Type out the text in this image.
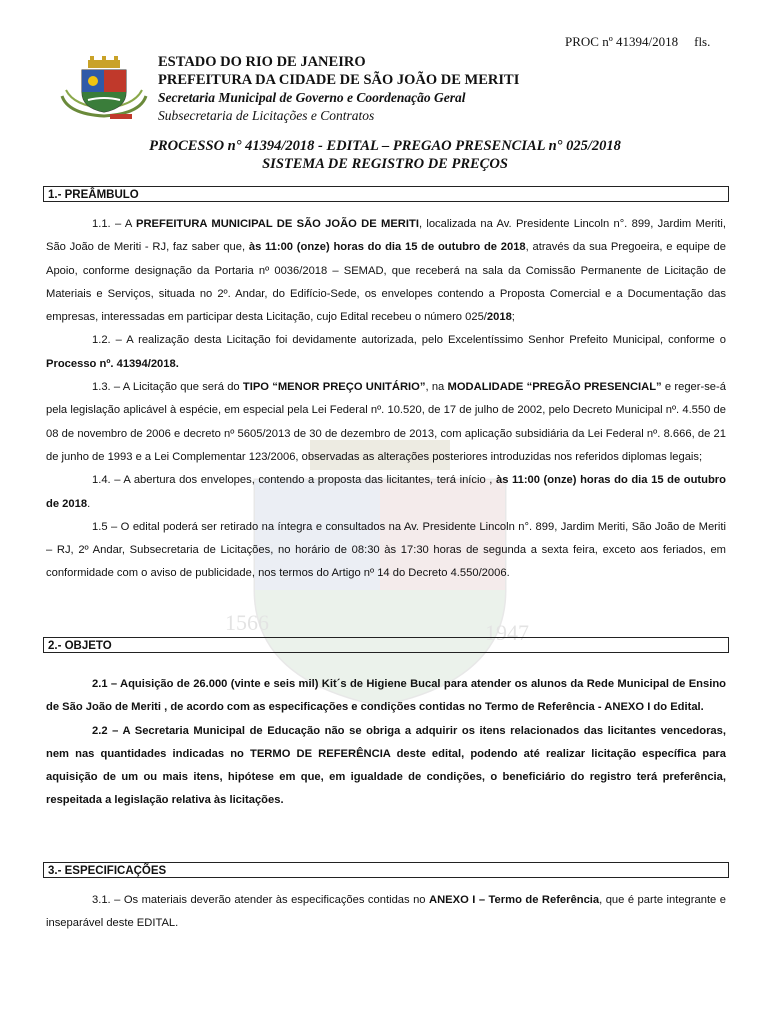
PROC nº 41394/2018 fls.
ESTADO DO RIO DE JANEIRO
PREFEITURA DA CIDADE DE SÃO JOÃO DE MERITI
Secretaria Municipal de Governo e Coordenação Geral
Subsecretaria de Licitações e Contratos
PROCESSO n° 41394/2018 - EDITAL – PREGAO PRESENCIAL n° 025/2018
SISTEMA DE REGISTRO DE PREÇOS
1566	1947
1.- PREÂMBULO

1.1. – A PREFEITURA MUNICIPAL DE SÃO JOÃO DE MERITI, localizada na Av. Presidente Lincoln n°. 899, Jardim Meriti, São João de Meriti - RJ, faz saber que, às 11:00 (onze) horas do dia 15 de outubro de 2018, através da sua Pregoeira, e equipe de Apoio, conforme designação da Portaria nº 0036/2018 – SEMAD, que receberá na sala da Comissão Permanente de Licitação de Materiais e Serviços, situada no 2º. Andar, do Edifício-Sede, os envelopes contendo a Proposta Comercial e a Documentação das empresas, interessadas em participar desta Licitação, cujo Edital recebeu o número 025/2018;

1.2. – A realização desta Licitação foi devidamente autorizada, pelo Excelentíssimo Senhor Prefeito Municipal, conforme o Processo nº. 41394/2018.

1.3. – A Licitação que será do TIPO “MENOR PREÇO UNITÁRIO”, na MODALIDADE “PREGÃO PRESENCIAL” e reger-se-á pela legislação aplicável à espécie, em especial pela Lei Federal nº. 10.520, de 17 de julho de 2002, pelo Decreto Municipal nº. 4.550 de 08 de novembro de 2006 e decreto nº 5605/2013 de 30 de dezembro de 2013, com aplicação subsidiária da Lei Federal nº. 8.666, de 21 de junho de 1993 e a Lei Complementar 123/2006, observadas as alterações posteriores introduzidas nos referidos diplomas legais;

1.4. – A abertura dos envelopes, contendo a proposta das licitantes, terá início , às 11:00 (onze) horas do dia 15 de outubro de 2018.

1.5 – O edital poderá ser retirado na íntegra e consultados na Av. Presidente Lincoln n°. 899, Jardim Meriti, São João de Meriti – RJ, 2º Andar, Subsecretaria de Licitações, no horário de 08:30 às 17:30 horas de segunda a sexta feira, exceto aos feriados, em conformidade com o aviso de publicidade, nos termos do Artigo nº 14 do Decreto 4.550/2006.

2.- OBJETO

2.1 – Aquisição de 26.000 (vinte e seis mil) Kit´s de Higiene Bucal para atender os alunos da Rede Municipal de Ensino de São João de Meriti , de acordo com as especificações e condições contidas no Termo de Referência - ANEXO I do Edital.

2.2 – A Secretaria Municipal de Educação não se obriga a adquirir os itens relacionados das licitantes vencedoras, nem nas quantidades indicadas no TERMO DE REFERÊNCIA deste edital, podendo até realizar licitação específica para aquisição de um ou mais itens, hipótese em que, em igualdade de condições, o beneficiário do registro terá preferência, respeitada a legislação relativa às licitações.

3.- ESPECIFICAÇÕES

3.1. – Os materiais deverão atender às especificações contidas no ANEXO I – Termo de Referência, que é parte integrante e inseparável deste EDITAL.
